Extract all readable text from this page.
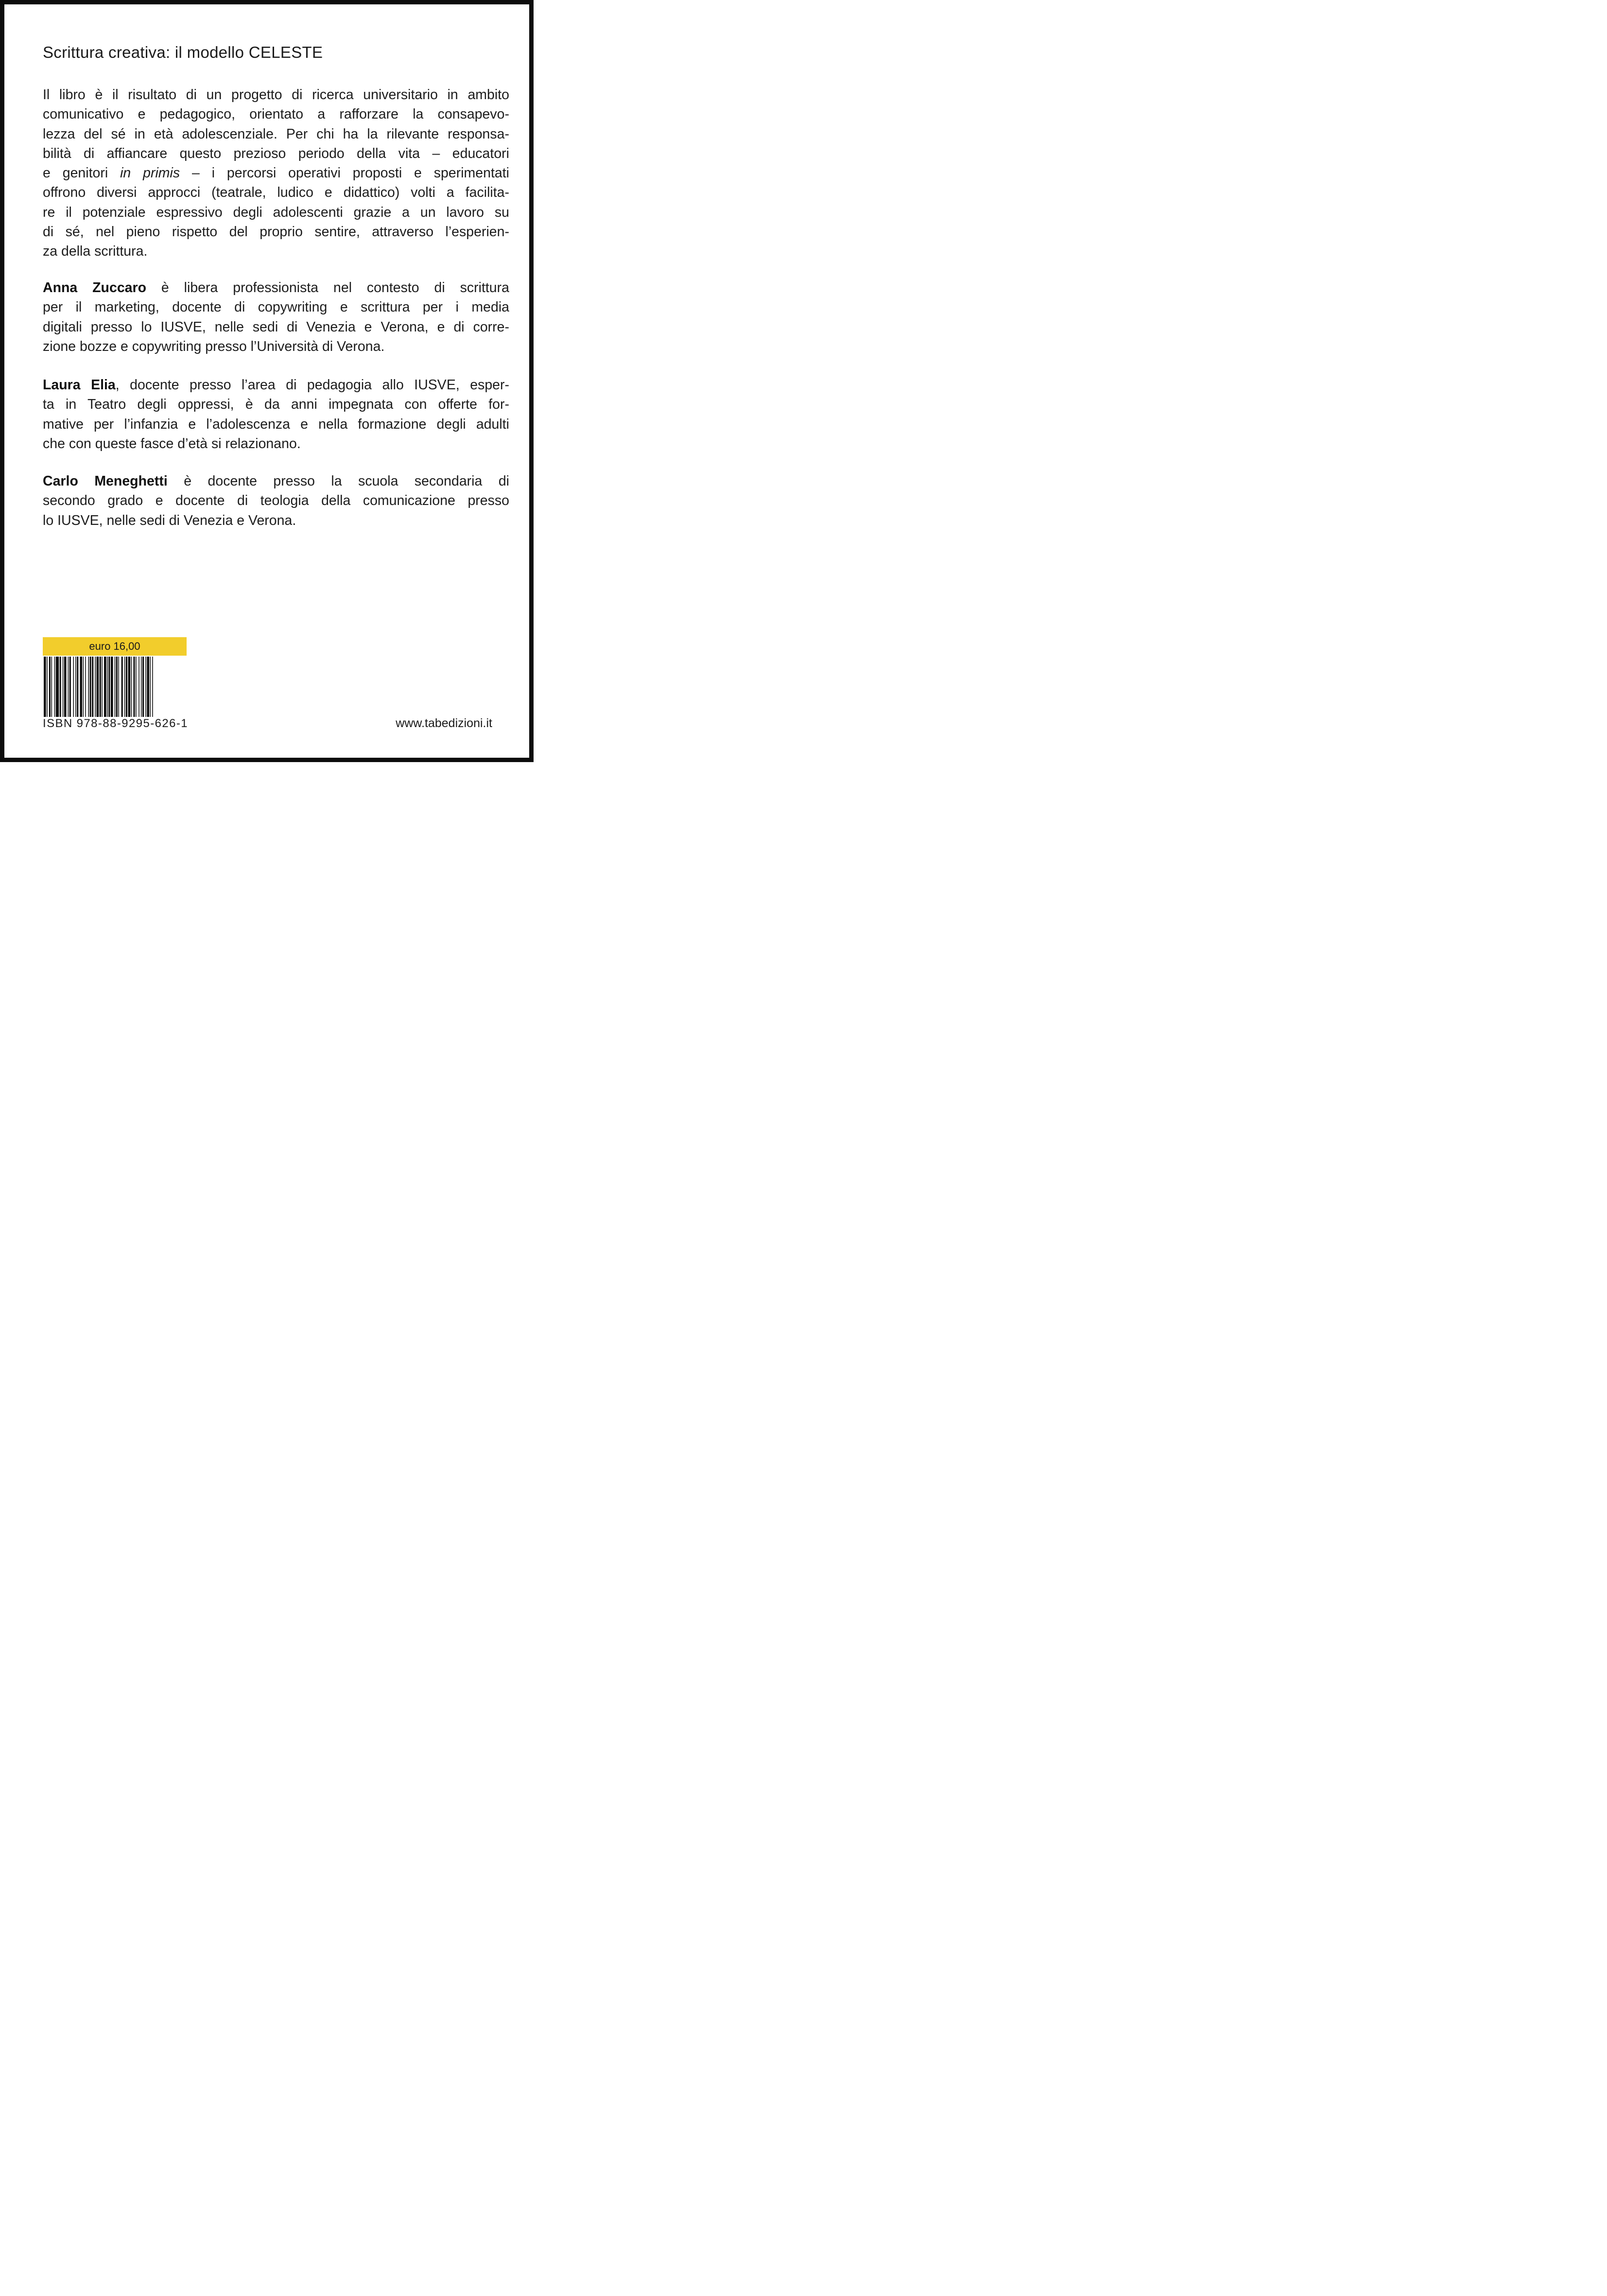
Scrittura creativa: il modello CELESTE
Il libro è il risultato di un progetto di ricerca universitario in ambito
comunicativo e pedagogico, orientato a rafforzare la consapevo-
lezza del sé in età adolescenziale. Per chi ha la rilevante responsa-
bilità di affiancare questo prezioso periodo della vita – educatori
e genitori in primis – i percorsi operativi proposti e sperimentati
offrono diversi approcci (teatrale, ludico e didattico) volti a facilita-
re il potenziale espressivo degli adolescenti grazie a un lavoro su
di sé, nel pieno rispetto del proprio sentire, attraverso l’esperien-
za della scrittura.
Anna Zuccaro è libera professionista nel contesto di scrittura
per il marketing, docente di copywriting e scrittura per i media
digitali presso lo IUSVE, nelle sedi di Venezia e Verona, e di corre-
zione bozze e copywriting presso l’Università di Verona.
Laura Elia, docente presso l’area di pedagogia allo IUSVE, esper-
ta in Teatro degli oppressi, è da anni impegnata con offerte for-
mative per l’infanzia e l’adolescenza e nella formazione degli adulti
che con queste fasce d’età si relazionano.
Carlo Meneghetti è docente presso la scuola secondaria di
secondo grado e docente di teologia della comunicazione presso
lo IUSVE, nelle sedi di Venezia e Verona.
euro 16,00
ISBN 978-88-9295-626-1	www.tabedizioni.it
